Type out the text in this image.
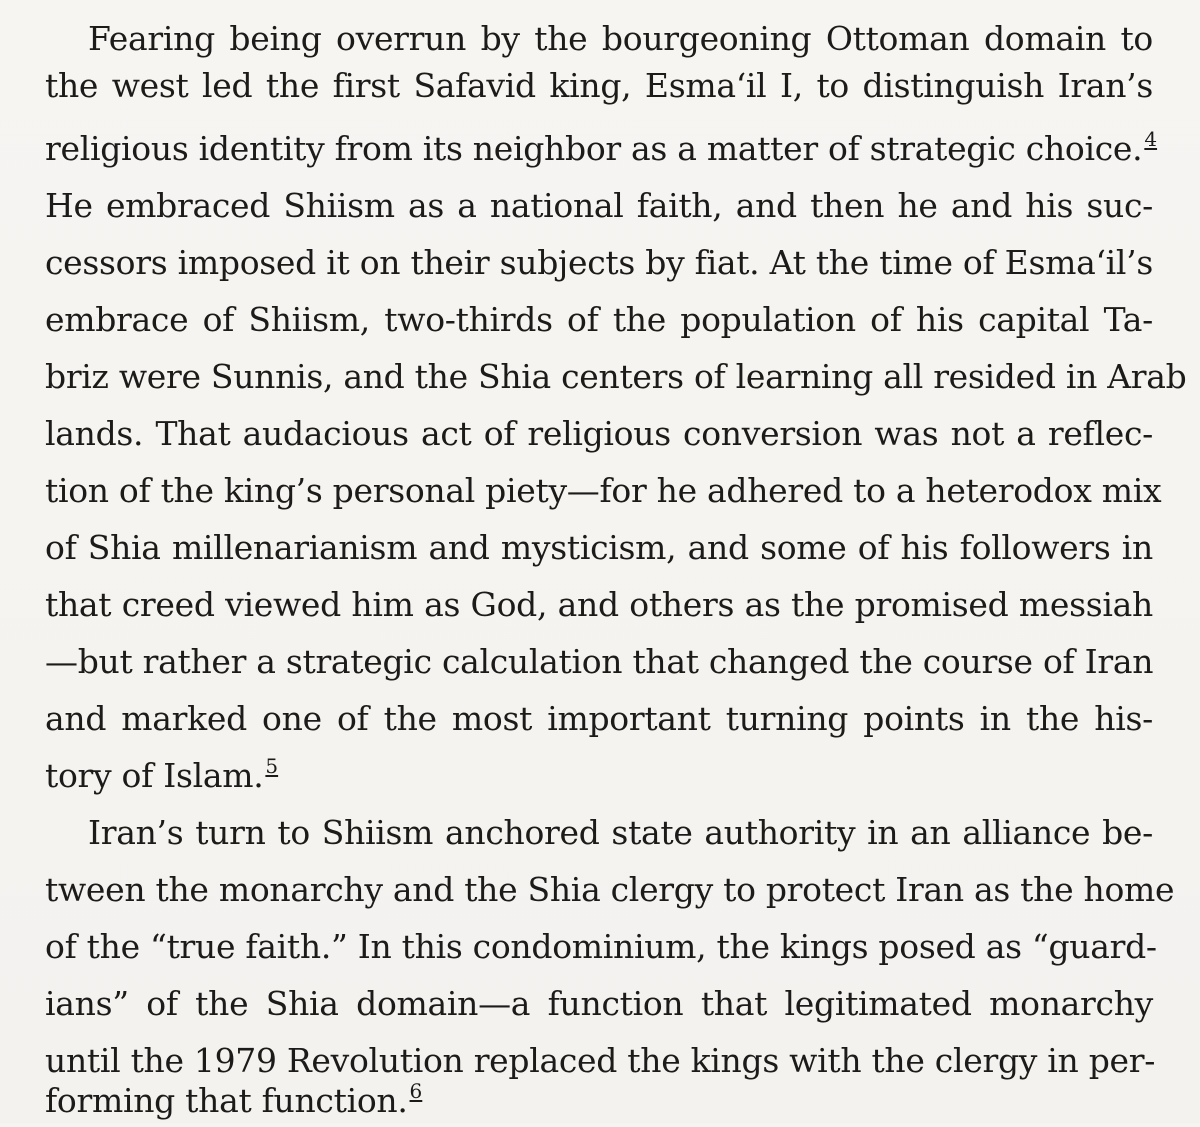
Fearing being overrun by the bourgeoning Ottoman domain to
the west led the first Safavid king, Esma‘il I, to distinguish Iran’s
religious identity from its neighbor as a matter of strategic choice. $^4$
He embraced Shiism as a national faith, and then he and his suc-
cessors imposed it on their subjects by fiat. At the time of Esma‘il’s
embrace of Shiism, two-thirds of the population of his capital Ta-
briz were Sunnis, and the Shia centers of learning all resided in Arab
lands. That audacious act of religious conversion was not a reflec-
tion of the king’s personal piety—for he adhered to a heterodox mix
of Shia millenarianism and mysticism, and some of his followers in
that creed viewed him as God, and others as the promised messiah
—but rather a strategic calculation that changed the course of Iran
and marked one of the most important turning points in the his-
tory of Islam. $^5$
Iran’s turn to Shiism anchored state authority in an alliance be-
tween the monarchy and the Shia clergy to protect Iran as the home
of the “true faith.” In this condominium, the kings posed as “guard-
ians” of the Shia domain—a function that legitimated monarchy
until the 1979 Revolution replaced the kings with the clergy in per-
forming that function. $^6$
